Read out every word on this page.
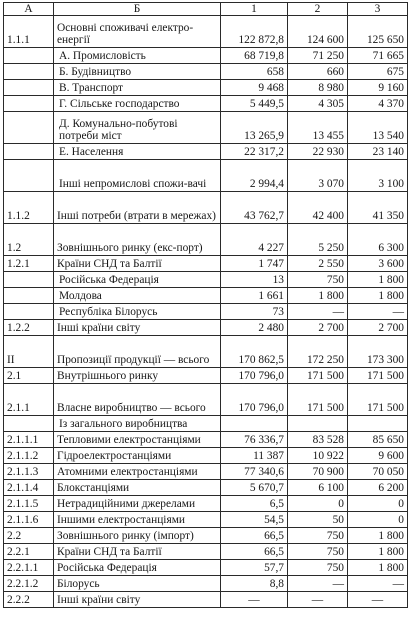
А	Б	1	2	3
1.1.1	Основні споживачі електро-енергії	122 872,8	124 600	125 650
	А. Промисловість	68 719,8	71 250	71 665
	Б. Будівництво	658	660	675
	В. Транспорт	9 468	8 980	9 160
	Г. Сільське господарство	5 449,5	4 305	4 370
	Д. Комунально-побутові потреби міст	13 265,9	13 455	13 540
	Е. Населення	22 317,2	22 930	23 140
	Інші непромислові спожи-вачі	2 994,4	3 070	3 100
1.1.2	Інші потреби (втрати в мережах)	43 762,7	42 400	41 350
1.2	Зовнішнього ринку (екс-порт)	4 227	5 250	6 300
1.2.1	Країни СНД та Балтії	1 747	2 550	3 600
	Російська Федерація	13	750	1 800
	Молдова	1 661	1 800	1 800
	Республіка Білорусь	73	—	—
1.2.2	Інші країни світу	2 480	2 700	2 700
ІІ	Пропозиції продукції — всього	170 862,5	172 250	173 300
2.1	Внутрішнього ринку	170 796,0	171 500	171 500
2.1.1	Власне виробництво — всього	170 796,0	171 500	171 500
	Із загального виробництва			
2.1.1.1	Тепловими електростанціями	76 336,7	83 528	85 650
2.1.1.2	Гідроелектростанціями	11 387	10 922	9 600
2.1.1.3	Атомними електростанціями	77 340,6	70 900	70 050
2.1.1.4	Блокстанціями	5 670,7	6 100	6 200
2.1.1.5	Нетрадиційними джерелами	6,5	0	0
2.1.1.6	Іншими електростанціями	54,5	50	0
2.2	Зовнішнього ринку (імпорт)	66,5	750	1 800
2.2.1	Країни СНД та Балтії	66,5	750	1 800
2.2.1.1	Російська Федерація	57,7	750	1 800
2.2.1.2	Білорусь	8,8	—	—
2.2.2	Інші країни світу	—	—	—
